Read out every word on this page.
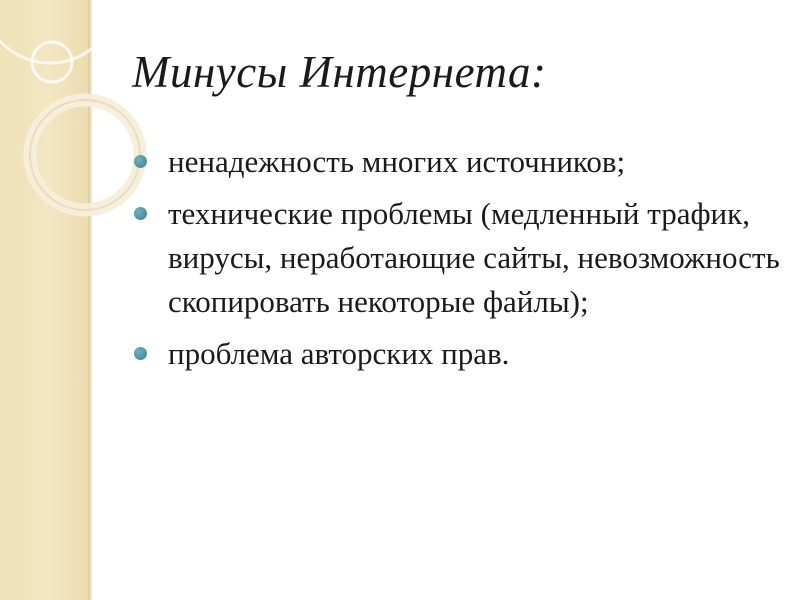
Минусы Интернета:
ненадежность многих источников;
технические проблемы (медленный трафик, вирусы, неработающие сайты, невозможность скопировать некоторые файлы);
проблема авторских прав.
